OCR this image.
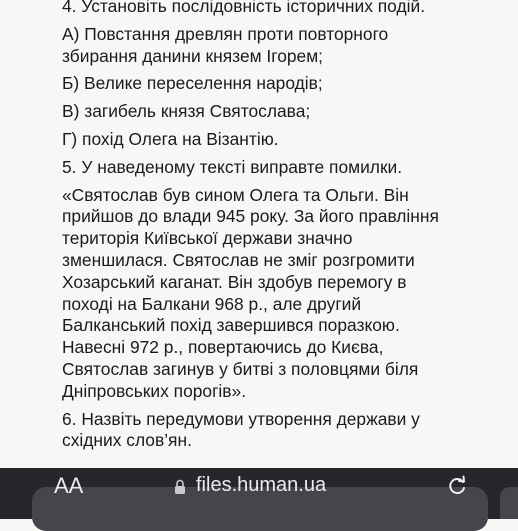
4. Установіть послідовність історичних подій.
А) Повстання древлян проти повторного
збирання данини князем Ігорем;
Б) Велике переселення народів;
В) загибель князя Святослава;
Г) похід Олега на Візантію.
5. У наведеному тексті виправте помилки.
«Святослав був сином Олега та Ольги. Він
прийшов до влади 945 року. За його правління
територія Київської держави значно
зменшилася. Святослав не зміг розгромити
Хозарський каганат. Він здобув перемогу в
поході на Балкани 968 р., але другий
Балканський похід завершився поразкою.
Навесні 972 р., повертаючись до Києва,
Святослав загинув у битві з половцями біля
Дніпровських порогів».
6. Назвіть передумови утворення держави у
східних слов’ян.
AA	files.human.ua
